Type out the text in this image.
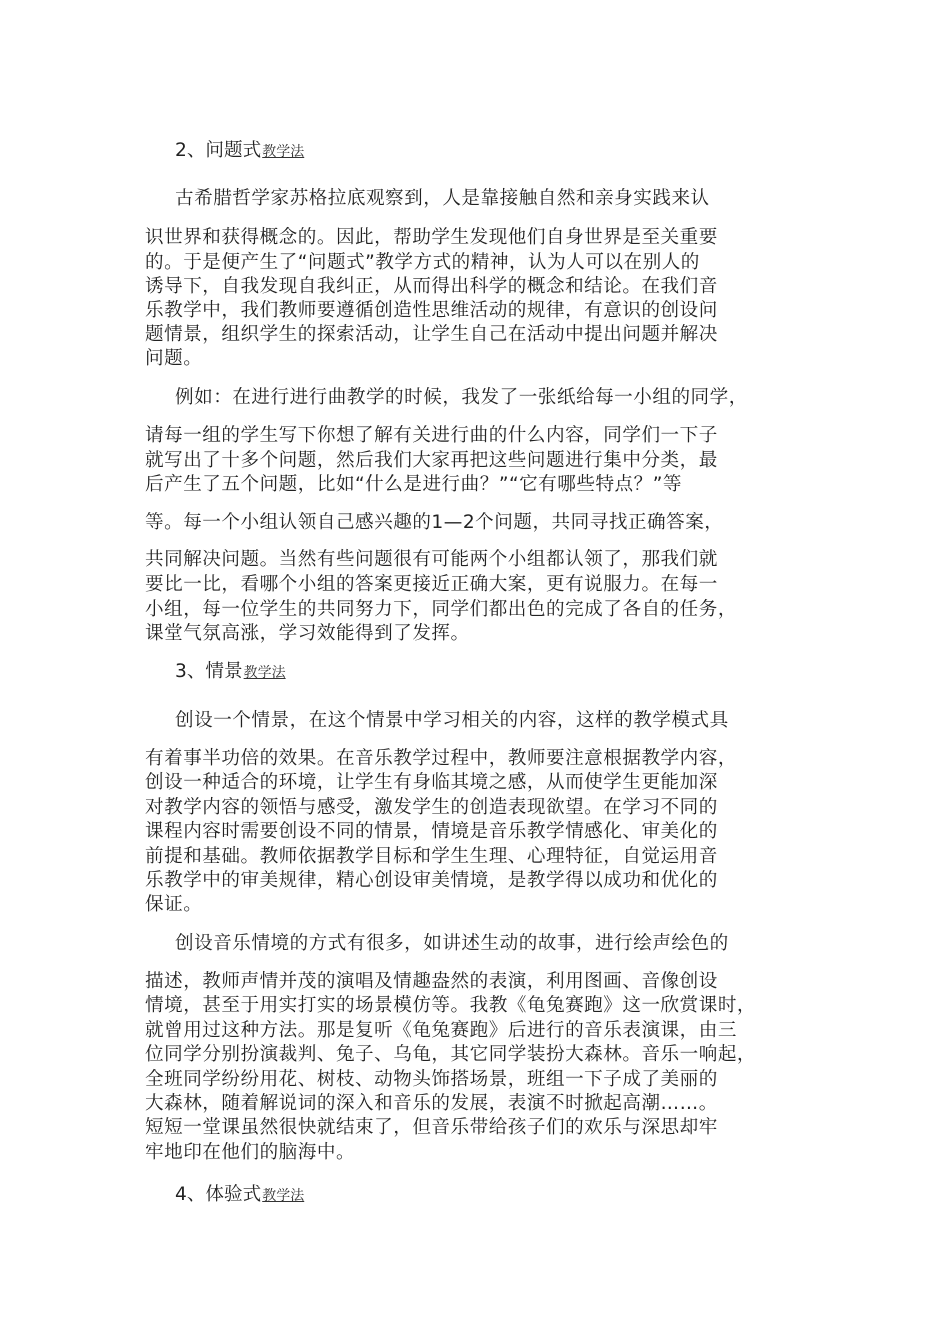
2、问题式教学法
古希腊哲学家苏格拉底观察到，人是靠接触自然和亲身实践来认
识世界和获得概念的。因此，帮助学生发现他们自身世界是至关重要
的。于是便产生了“问题式”教学方式的精神，认为人可以在别人的
诱导下，自我发现自我纠正，从而得出科学的概念和结论。在我们音
乐教学中，我们教师要遵循创造性思维活动的规律，有意识的创设问
题情景，组织学生的探索活动，让学生自己在活动中提出问题并解决
问题。
例如：在进行进行曲教学的时候，我发了一张纸给每一小组的同学，
请每一组的学生写下你想了解有关进行曲的什么内容，同学们一下子
就写出了十多个问题，然后我们大家再把这些问题进行集中分类，最
后产生了五个问题，比如“什么是进行曲？”“它有哪些特点？”等
等。每一个小组认领自己感兴趣的1—2个问题，共同寻找正确答案，
共同解决问题。当然有些问题很有可能两个小组都认领了，那我们就
要比一比，看哪个小组的答案更接近正确大案，更有说服力。在每一
小组，每一位学生的共同努力下，同学们都出色的完成了各自的任务，
课堂气氛高涨，学习效能得到了发挥。
3、情景教学法
创设一个情景，在这个情景中学习相关的内容，这样的教学模式具
有着事半功倍的效果。在音乐教学过程中，教师要注意根据教学内容，
创设一种适合的环境，让学生有身临其境之感，从而使学生更能加深
对教学内容的领悟与感受，激发学生的创造表现欲望。在学习不同的
课程内容时需要创设不同的情景，情境是音乐教学情感化、审美化的
前提和基础。教师依据教学目标和学生生理、心理特征，自觉运用音
乐教学中的审美规律，精心创设审美情境，是教学得以成功和优化的
保证。
创设音乐情境的方式有很多，如讲述生动的故事，进行绘声绘色的
描述，教师声情并茂的演唱及情趣盎然的表演，利用图画、音像创设
情境，甚至于用实打实的场景模仿等。我教《龟兔赛跑》这一欣赏课时，
就曾用过这种方法。那是复听《龟兔赛跑》后进行的音乐表演课，由三
位同学分别扮演裁判、兔子、乌龟，其它同学装扮大森林。音乐一响起，
全班同学纷纷用花、树枝、动物头饰搭场景，班组一下子成了美丽的
大森林，随着解说词的深入和音乐的发展，表演不时掀起高潮……。
短短一堂课虽然很快就结束了，但音乐带给孩子们的欢乐与深思却牢
牢地印在他们的脑海中。
4、体验式教学法
